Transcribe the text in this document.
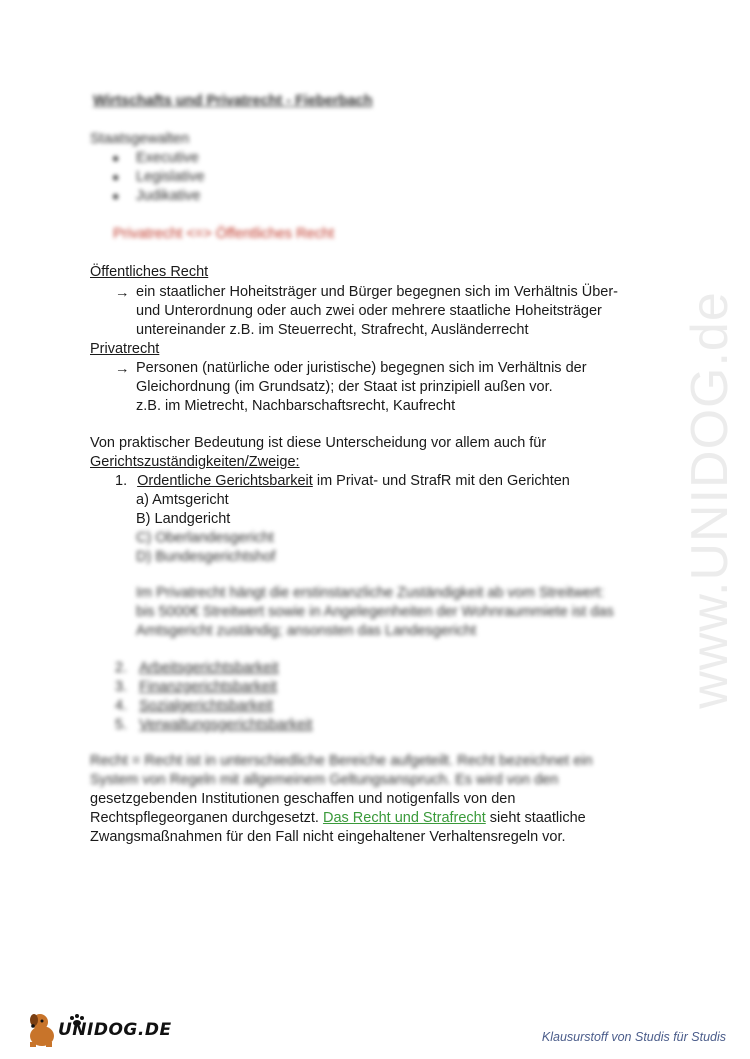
www.UNIDOG.de
Wirtschafts und Privatrecht - Fieberbach
Staatsgewalten
● Executive
● Legislative
● Judikative
Privatrecht <=> Öffentliches Recht
Öffentliches Recht
→ ein staatlicher Hoheitsträger und Bürger begegnen sich im Verhältnis Über-
und Unterordnung oder auch zwei oder mehrere staatliche Hoheitsträger
untereinander z.B. im Steuerrecht, Strafrecht, Ausländerrecht
Privatrecht
→ Personen (natürliche oder juristische) begegnen sich im Verhältnis der
Gleichordnung (im Grundsatz); der Staat ist prinzipiell außen vor.
z.B. im Mietrecht, Nachbarschaftsrecht, Kaufrecht
Von praktischer Bedeutung ist diese Unterscheidung vor allem auch für
Gerichtszuständigkeiten/Zweige:
1. Ordentliche Gerichtsbarkeit im Privat- und StrafR mit den Gerichten
a) Amtsgericht
B) Landgericht
C) Oberlandesgericht
D) Bundesgerichtshof
Im Privatrecht hängt die erstinstanzliche Zuständigkeit ab vom Streitwert:
bis 5000€ Streitwert sowie in Angelegenheiten der Wohnraummiete ist das
Amtsgericht zuständig; ansonsten das Landesgericht
2. Arbeitsgerichtsbarkeit
3. Finanzgerichtsbarkeit
4. Sozialgerichtsbarkeit
5. Verwaltungsgerichtsbarkeit
Recht = Recht ist in unterschiedliche Bereiche aufgeteilt. Recht bezeichnet ein
System von Regeln mit allgemeinem Geltungsanspruch. Es wird von den
gesetzgebenden Institutionen geschaffen und notigenfalls von den
Rechtspflegeorganen durchgesetzt. Das Recht und Strafrecht sieht staatliche
Zwangsmaßnahmen für den Fall nicht eingehaltener Verhaltensregeln vor.
UNIDOG.DE	Klausurstoff von Studis für Studis
